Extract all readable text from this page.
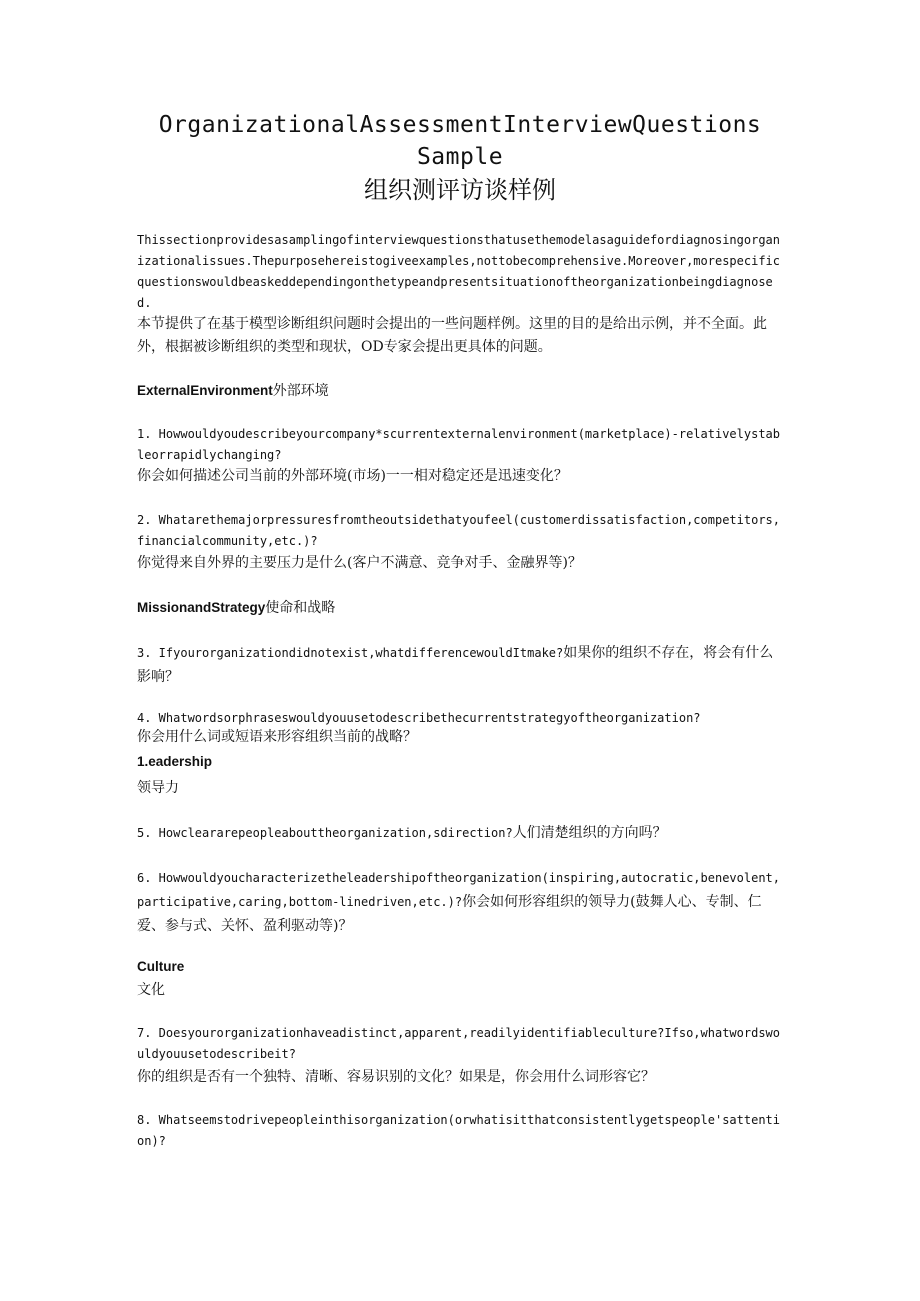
OrganizationalAssessmentInterviewQuestions
Sample
组织测评访谈样例
Thissectionprovidesasamplingofinterviewquestionsthatusethemodelasaguidefordiagnosingorganizationalissues.Thepurposehereistogiveexamples,nottobecomprehensive.Moreover,morespecificquestionswouldbeaskeddependingonthetypeandpresentsituationoftheorganizationbeingdiagnosed.
本节提供了在基于模型诊断组织问题时会提出的一些问题样例。这里的目的是给出示例，并不全面。此外，根据被诊断组织的类型和现状，OD专家会提出更具体的问题。
ExternalEnvironment外部环境
1. Howwouldyoudescribeyourcompany*scurrentexternalenvironment(marketplace)-relativelystableorrapidlychanging?
你会如何描述公司当前的外部环境(市场)一一相对稳定还是迅速变化？
2. Whatarethemajorpressuresfromtheoutsidethatyoufeel(customerdissatisfaction,competitors,financialcommunity,etc.)?
你觉得来自外界的主要压力是什么(客户不满意、竞争对手、金融界等)？
MissionandStrategy使命和战略
3. Ifyourorganizationdidnotexist,whatdifferencewouldItmake?如果你的组织不存在，将会有什么影响？
4. Whatwordsorphraseswouldyouusetodescribethecurrentstrategyoftheorganization?
你会用什么词或短语来形容组织当前的战略？
1.eadership
领导力
5. Howcleararepeopleabouttheorganization,sdirection?人们清楚组织的方向吗？
6. Howwouldyoucharacterizetheleadershipoftheorganization(inspiring,autocratic,benevolent,participative,caring,bottom-linedriven,etc.)?你会如何形容组织的领导力(鼓舞人心、专制、仁爱、参与式、关怀、盈利驱动等)？
Culture
文化
7. Doesyourorganizationhaveadistinct,apparent,readilyidentifiableculture?Ifso,whatwordswouldyouusetodescribeit?
你的组织是否有一个独特、清晰、容易识别的文化？如果是，你会用什么词形容它？
8. Whatseemstodrivepeopleinthisorganization(orwhatisitthatconsistentlygetspeople'sattention)?
